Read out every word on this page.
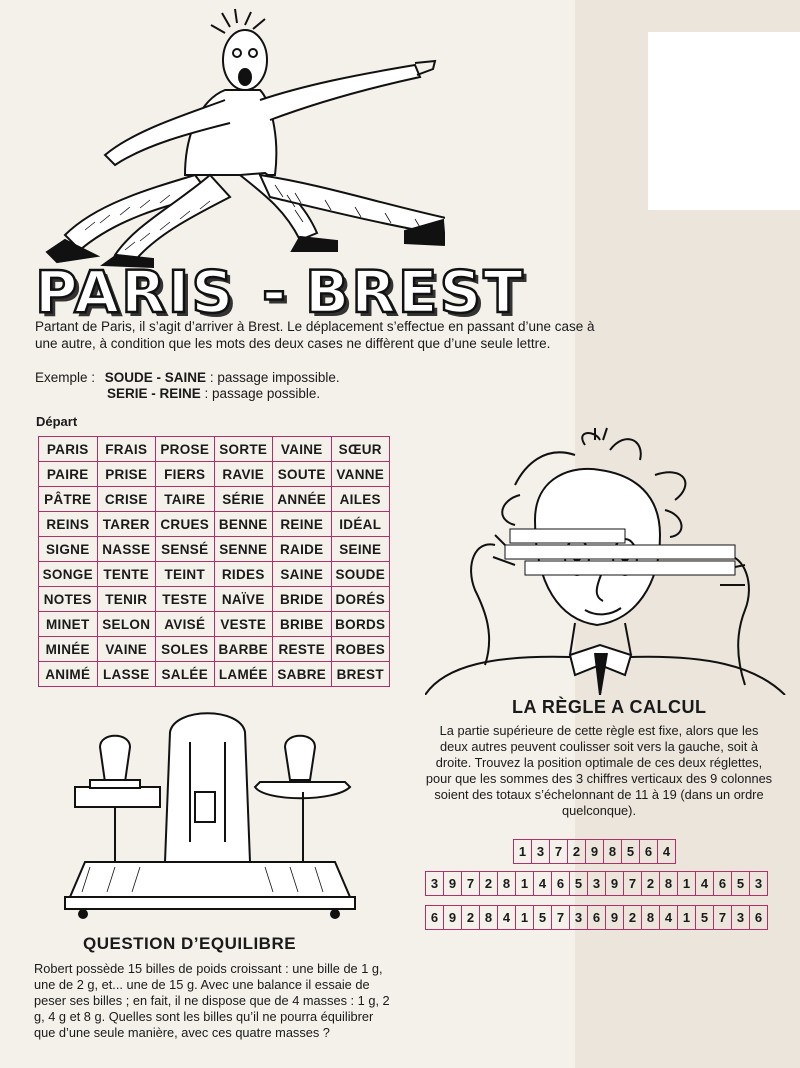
PARIS - BREST

Partant de Paris, il s’agit d’arriver à Brest. Le déplacement s’effectue en passant d’une case à une autre, à condition que les mots des deux cases ne diffèrent que d’une seule lettre.

Exemple : SOUDE - SAINE : passage impossible.
SERIE - REINE : passage possible.
Départ
PARIS	FRAIS	PROSE	SORTE	VAINE	SŒUR
PAIRE	PRISE	FIERS	RAVIE	SOUTE	VANNE
PÂTRE	CRISE	TAIRE	SÉRIE	ANNÉE	AILES
REINS	TARER	CRUES	BENNE	REINE	IDÉAL
SIGNE	NASSE	SENSÉ	SENNE	RAIDE	SEINE
SONGE	TENTE	TEINT	RIDES	SAINE	SOUDE
NOTES	TENIR	TESTE	NAÏVE	BRIDE	DORÉS
MINET	SELON	AVISÉ	VESTE	BRIBE	BORDS
MINÉE	VAINE	SOLES	BARBE	RESTE	ROBES
ANIMÉ	LASSE	SALÉE	LAMÉE	SABRE	BREST
LA RÈGLE A CALCUL
La partie supérieure de cette règle est fixe, alors que les deux autres peuvent coulisser soit vers la gauche, soit à droite. Trouvez la position optimale de ces deux réglettes, pour que les sommes des 3 chiffres verticaux des 9 colonnes soient des totaux s’échelonnant de 11 à 19 (dans un ordre quelconque).
1	3	7	2	9	8	5	6	4
3	9	7	2	8	1	4	6	5	3	9	7	2	8	1	4	6	5	3
6	9	2	8	4	1	5	7	3	6	9	2	8	4	1	5	7	3	6
QUESTION D’EQUILIBRE
Robert possède 15 billes de poids croissant : une bille de 1 g, une de 2 g, et... une de 15 g. Avec une balance il essaie de peser ses billes ; en fait, il ne dispose que de 4 masses : 1 g, 2 g, 4 g et 8 g. Quelles sont les billes qu’il ne pourra équilibrer que d’une seule manière, avec ces quatre masses ?
